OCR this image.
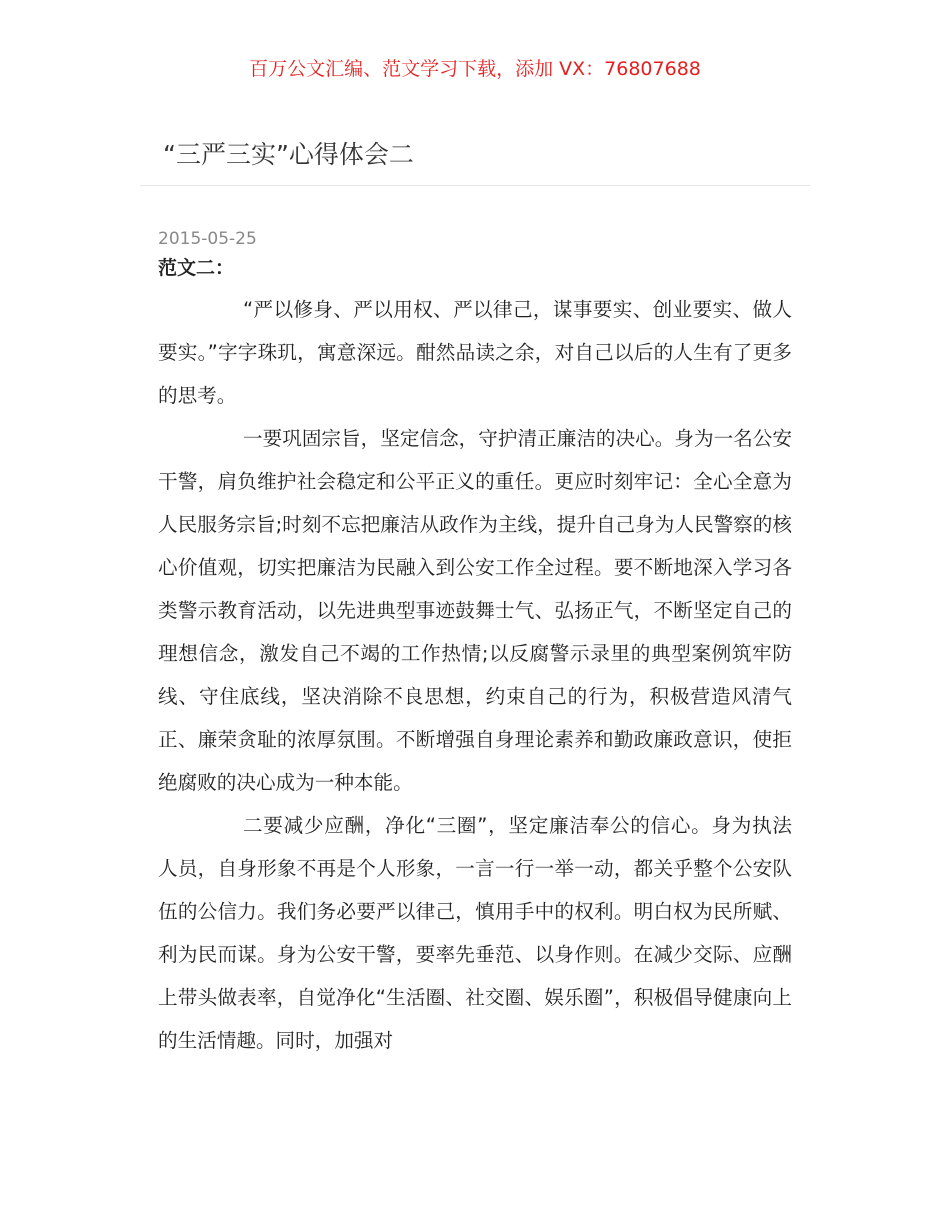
百万公文汇编、范文学习下载，添加 VX：76807688
“三严三实”心得体会二
2015-05-25
范文二：

“严以修身、严以用权、严以律己，谋事要实、创业要实、做人要实。”字字珠玑，寓意深远。酣然品读之余，对自己以后的人生有了更多的思考。

一要巩固宗旨，坚定信念，守护清正廉洁的决心。身为一名公安干警，肩负维护社会稳定和公平正义的重任。更应时刻牢记：全心全意为人民服务宗旨;时刻不忘把廉洁从政作为主线，提升自己身为人民警察的核心价值观，切实把廉洁为民融入到公安工作全过程。要不断地深入学习各类警示教育活动，以先进典型事迹鼓舞士气、弘扬正气，不断坚定自己的理想信念，激发自己不竭的工作热情;以反腐警示录里的典型案例筑牢防线、守住底线，坚决消除不良思想，约束自己的行为，积极营造风清气正、廉荣贪耻的浓厚氛围。不断增强自身理论素养和勤政廉政意识，使拒绝腐败的决心成为一种本能。

二要减少应酬，净化“三圈”，坚定廉洁奉公的信心。身为执法人员，自身形象不再是个人形象，一言一行一举一动，都关乎整个公安队伍的公信力。我们务必要严以律己，慎用手中的权利。明白权为民所赋、利为民而谋。身为公安干警，要率先垂范、以身作则。在减少交际、应酬上带头做表率，自觉净化“生活圈、社交圈、娱乐圈”，积极倡导健康向上的生活情趣。同时，加强对
